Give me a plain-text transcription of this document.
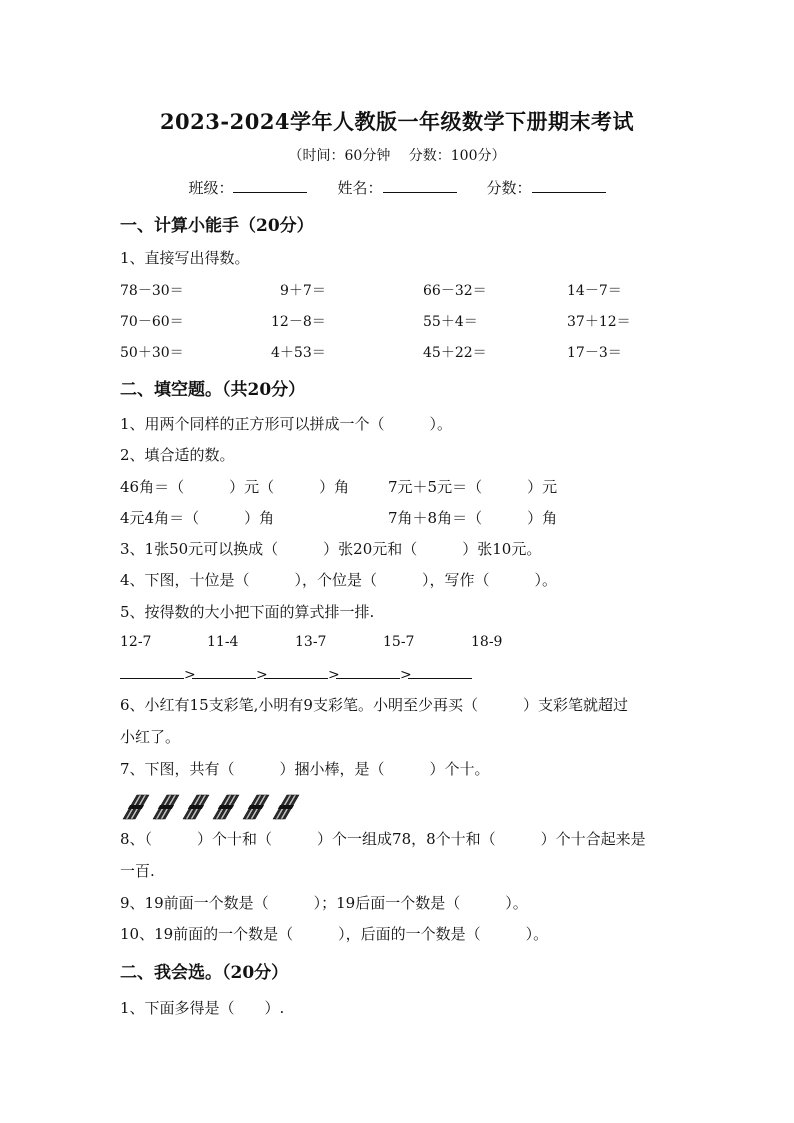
2023-2024学年人教版一年级数学下册期末考试
（时间：60分钟　 分数：100分）
班级：	姓名：	分数：
一、计算小能手（20分）
1、直接写出得数。
78－30＝	9＋7＝	66－32＝	14－7＝
70－60＝	12－8＝	55＋4＝	37＋12＝
50＋30＝	4＋53＝	45＋22＝	17－3＝
二、填空题。（共20分）
1、用两个同样的正方形可以拼成一个（　　　）。
2、填合适的数。
46角＝（　　　）元（　　　）角	7元＋5元＝（　　　）元
4元4角＝（　　　）角	7角＋8角＝（　　　）角
3、1张50元可以换成（　　　）张20元和（　　　）张10元。
4、下图，十位是（　　　），个位是（　　　），写作（　　　）。
5、按得数的大小把下面的算式排一排.
12-7	11-4	13-7	15-7	18-9
>	>	>	>
6、小红有15支彩笔,小明有9支彩笔。小明至少再买（　　　）支彩笔就超过
小红了。
7、下图，共有（　　　）捆小棒，是（　　　）个十。
8、（　　　）个十和（　　　）个一组成78，8个十和（　　　）个十合起来是
一百.
9、19前面一个数是（　　　）；19后面一个数是（　　　）。
10、19前面的一个数是（　　　），后面的一个数是（　　　）。
二、我会选。（20分）
1、下面多得是（　　）.
